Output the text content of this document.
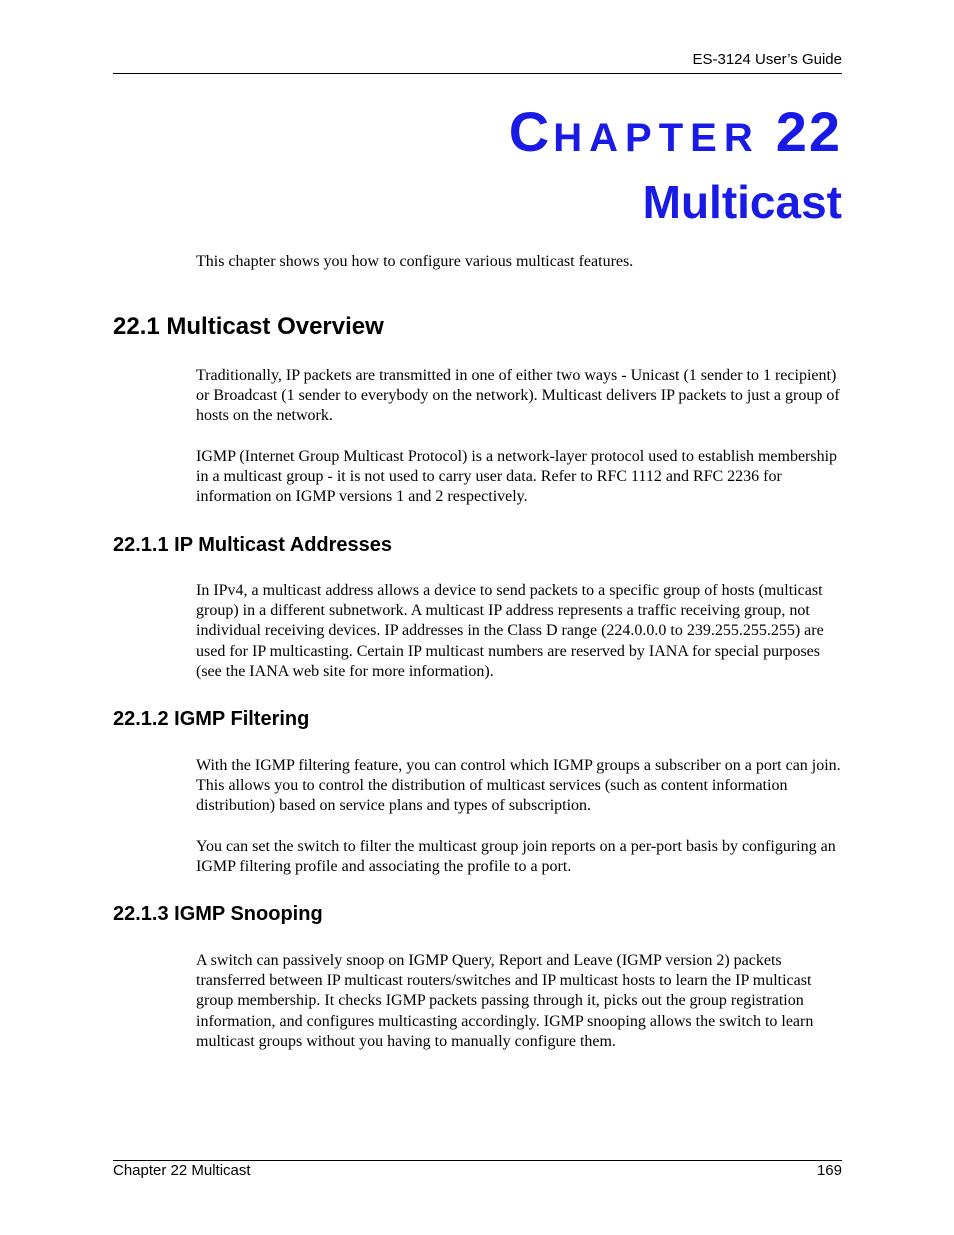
ES-3124 User’s Guide
CHAPTER 22
Multicast

This chapter shows you how to configure various multicast features.

22.1 Multicast Overview

Traditionally, IP packets are transmitted in one of either two ways - Unicast (1 sender to 1 recipient) or Broadcast (1 sender to everybody on the network). Multicast delivers IP packets to just a group of hosts on the network.

IGMP (Internet Group Multicast Protocol) is a network-layer protocol used to establish membership in a multicast group - it is not used to carry user data. Refer to RFC 1112 and RFC 2236 for information on IGMP versions 1 and 2 respectively.

22.1.1 IP Multicast Addresses

In IPv4, a multicast address allows a device to send packets to a specific group of hosts (multicast group) in a different subnetwork. A multicast IP address represents a traffic receiving group, not individual receiving devices. IP addresses in the Class D range (224.0.0.0 to 239.255.255.255) are used for IP multicasting. Certain IP multicast numbers are reserved by IANA for special purposes (see the IANA web site for more information).

22.1.2 IGMP Filtering

With the IGMP filtering feature, you can control which IGMP groups a subscriber on a port can join. This allows you to control the distribution of multicast services (such as content information distribution) based on service plans and types of subscription.

You can set the switch to filter the multicast group join reports on a per-port basis by configuring an IGMP filtering profile and associating the profile to a port.

22.1.3 IGMP Snooping

A switch can passively snoop on IGMP Query, Report and Leave (IGMP version 2) packets transferred between IP multicast routers/switches and IP multicast hosts to learn the IP multicast group membership. It checks IGMP packets passing through it, picks out the group registration information, and configures multicasting accordingly. IGMP snooping allows the switch to learn multicast groups without you having to manually configure them.

Chapter 22 Multicast	169
